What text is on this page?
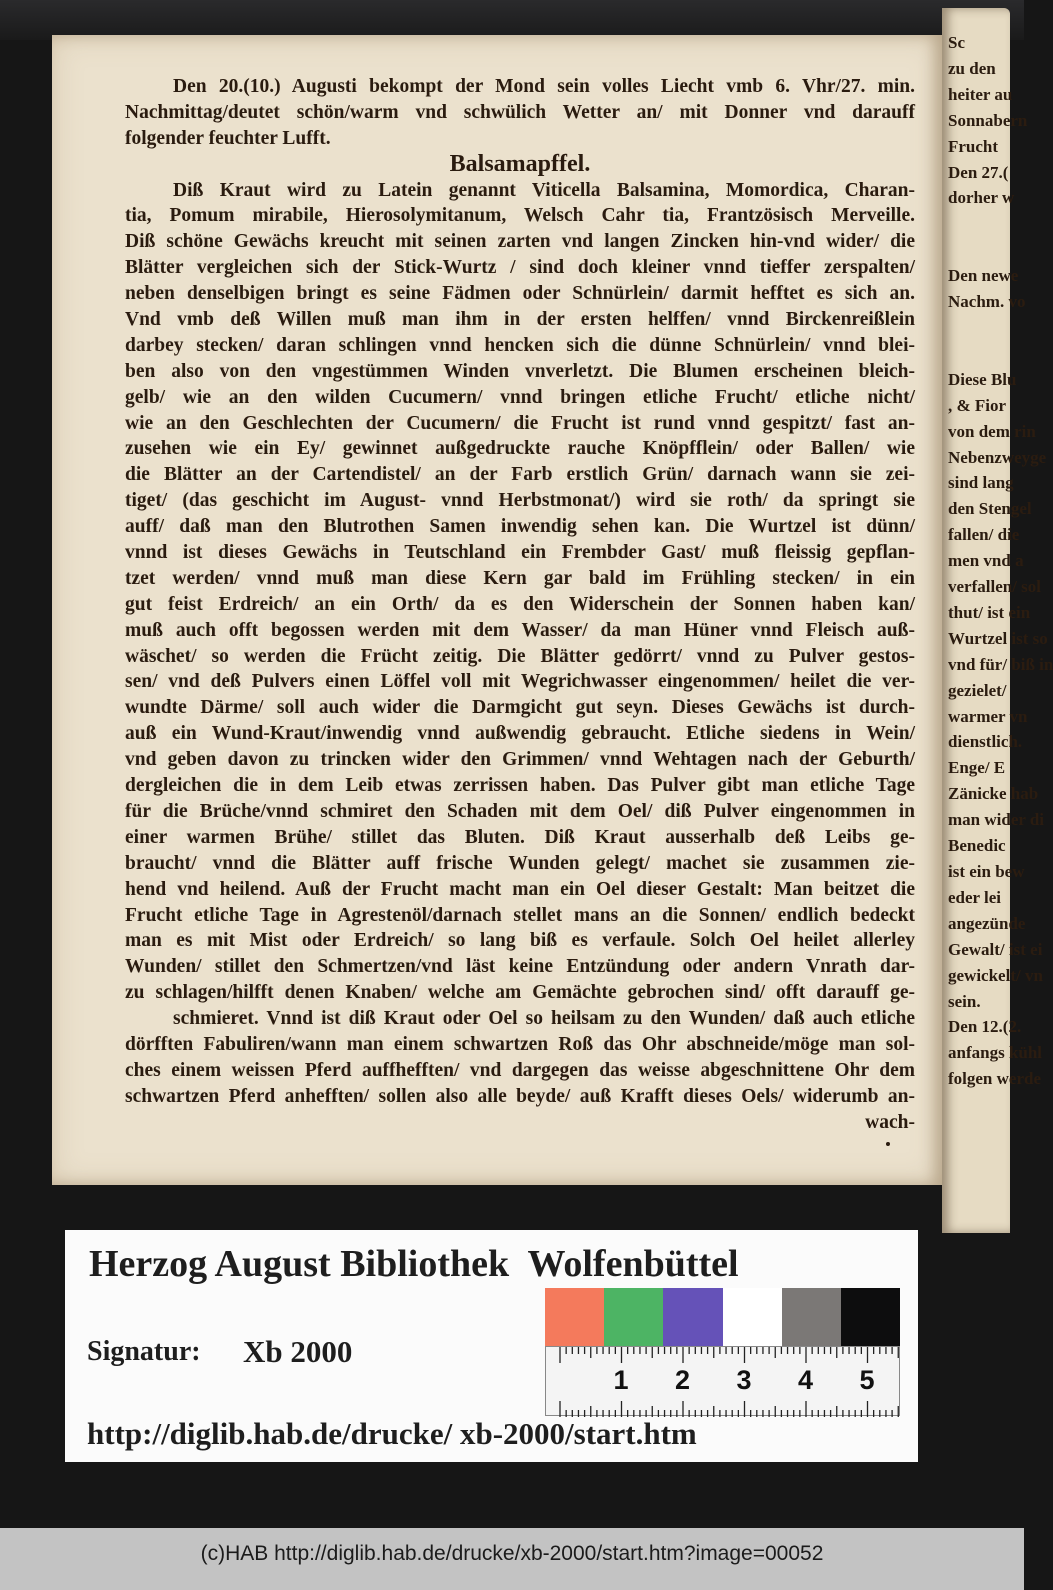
Den 20.(10.) Augusti bekompt der Mond sein volles Liecht vmb 6. Vhr/27. min.
Nachmittag/deutet schön/warm vnd schwülich Wetter an/ mit Donner vnd darauff
folgender feuchter Lufft.
Balsamapffel.
Diß Kraut wird zu Latein genannt Viticella Balsamina, Momordica, Charan-
tia, Pomum mirabile, Hierosolymitanum, Welsch Cahr tia, Frantzösisch Merveille.
Diß schöne Gewächs kreucht mit seinen zarten vnd langen Zincken hin-vnd wider/ die
Blätter vergleichen sich der Stick-Wurtz / sind doch kleiner vnnd tieffer zerspalten/
neben denselbigen bringt es seine Fädmen oder Schnürlein/ darmit hefftet es sich an.
Vnd vmb deß Willen muß man ihm in der ersten helffen/ vnnd Birckenreißlein
darbey stecken/ daran schlingen vnnd hencken sich die dünne Schnürlein/ vnnd blei-
ben also von den vngestümmen Winden vnverletzt. Die Blumen erscheinen bleich-
gelb/ wie an den wilden Cucumern/ vnnd bringen etliche Frucht/ etliche nicht/
wie an den Geschlechten der Cucumern/ die Frucht ist rund vnnd gespitzt/ fast an-
zusehen wie ein Ey/ gewinnet außgedruckte rauche Knöpfflein/ oder Ballen/ wie
die Blätter an der Cartendistel/ an der Farb erstlich Grün/ darnach wann sie zei-
tiget/ (das geschicht im August- vnnd Herbstmonat/) wird sie roth/ da springt sie
auff/ daß man den Blutrothen Samen inwendig sehen kan. Die Wurtzel ist dünn/
vnnd ist dieses Gewächs in Teutschland ein Frembder Gast/ muß fleissig gepflan-
tzet werden/ vnnd muß man diese Kern gar bald im Frühling stecken/ in ein
gut feist Erdreich/ an ein Orth/ da es den Widerschein der Sonnen haben kan/
muß auch offt begossen werden mit dem Wasser/ da man Hüner vnnd Fleisch auß-
wäschet/ so werden die Frücht zeitig. Die Blätter gedörrt/ vnnd zu Pulver gestos-
sen/ vnd deß Pulvers einen Löffel voll mit Wegrichwasser eingenommen/ heilet die ver-
wundte Därme/ soll auch wider die Darmgicht gut seyn. Dieses Gewächs ist durch-
auß ein Wund-Kraut/inwendig vnnd außwendig gebraucht. Etliche siedens in Wein/
vnd geben davon zu trincken wider den Grimmen/ vnnd Wehtagen nach der Geburth/
dergleichen die in dem Leib etwas zerrissen haben. Das Pulver gibt man etliche Tage
für die Brüche/vnnd schmiret den Schaden mit dem Oel/ diß Pulver eingenommen in
einer warmen Brühe/ stillet das Bluten. Diß Kraut ausserhalb deß Leibs ge-
braucht/ vnnd die Blätter auff frische Wunden gelegt/ machet sie zusammen zie-
hend vnd heilend. Auß der Frucht macht man ein Oel dieser Gestalt: Man beitzet die
Frucht etliche Tage in Agrestenöl/darnach stellet mans an die Sonnen/ endlich bedeckt
man es mit Mist oder Erdreich/ so lang biß es verfaule. Solch Oel heilet allerley
Wunden/ stillet den Schmertzen/vnd läst keine Entzündung oder andern Vnrath dar-
zu schlagen/hilfft denen Knaben/ welche am Gemächte gebrochen sind/ offt darauff ge-
schmieret. Vnnd ist diß Kraut oder Oel so heilsam zu den Wunden/ daß auch etliche
dörfften Fabuliren/wann man einem schwartzen Roß das Ohr abschneide/möge man sol-
ches einem weissen Pferd auffhefften/ vnd dargegen das weisse abgeschnittene Ohr dem
schwartzen Pferd anhefften/ sollen also alle beyde/ auß Krafft dieses Oels/ widerumb an-
wach-
Sc
zu den
heiter au
Sonnabern
Frucht
Den 27.(
dorher w

Den newe
Nachm. vo

Diese Blu
, & Fior
von dem rin
Nebenzweyge
sind lang
den Stengel
fallen/ die
men vnd a
verfallen/ sol
thut/ ist ein
Wurtzel ist so
vnd für/ biß in
gezielet/
warmer vn
dienstlich.
Enge/ E
Zänicke hab
man wider di
Benedic
ist ein bew
eder lei
angezünde
Gewalt/ ist ei
gewickelt/ vn
sein.
Den 12.(2.
anfangs kühl
folgen werde
Herzog August Bibliothek  Wolfenbüttel
Signatur: Xb 2000
1 2 3 4 5
http://diglib.hab.de/drucke/ xb-2000/start.htm
(c)HAB http://diglib.hab.de/drucke/xb-2000/start.htm?image=00052
